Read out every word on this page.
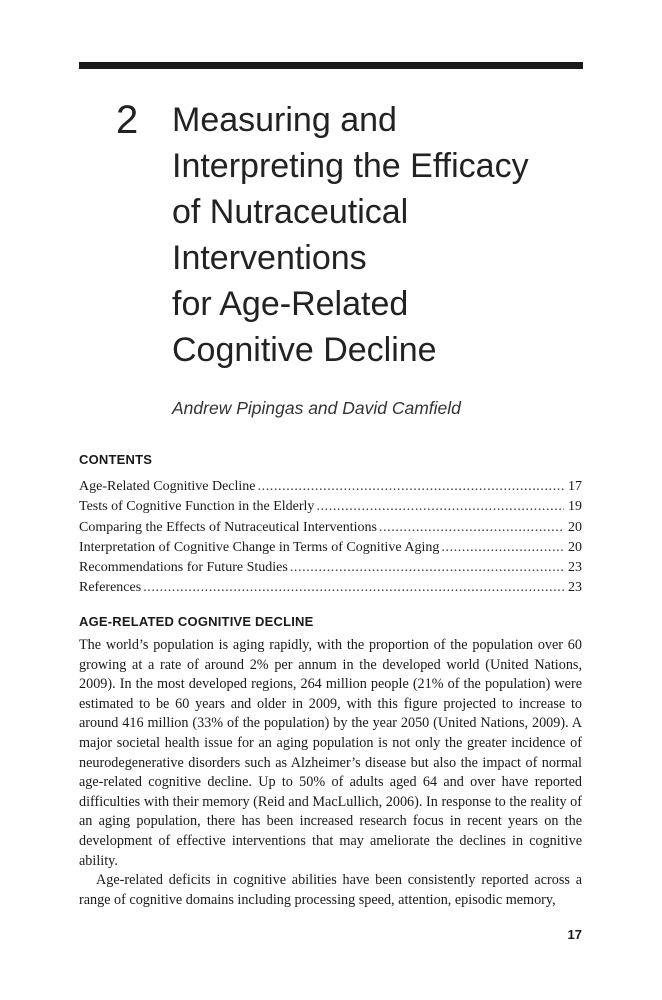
2 Measuring and
Interpreting the Efficacy
of Nutraceutical
Interventions
for Age-Related
Cognitive Decline
Andrew Pipingas and David Camfield
CONTENTS
Age-Related Cognitive Decline .....	17
Tests of Cognitive Function in the Elderly .....	19
Comparing the Effects of Nutraceutical Interventions .....	20
Interpretation of Cognitive Change in Terms of Cognitive Aging .....	20
Recommendations for Future Studies .....	23
References .....	23
AGE-RELATED COGNITIVE DECLINE

The world’s population is aging rapidly, with the proportion of the population over 60 growing at a rate of around 2% per annum in the developed world (United Nations, 2009). In the most developed regions, 264 million people (21% of the population) were estimated to be 60 years and older in 2009, with this figure projected to increase to around 416 million (33% of the population) by the year 2050 (United Nations, 2009). A major societal health issue for an aging population is not only the greater incidence of neurodegenerative disorders such as Alzheimer’s disease but also the impact of normal age-related cognitive decline. Up to 50% of adults aged 64 and over have reported difficulties with their memory (Reid and MacLullich, 2006). In response to the reality of an aging population, there has been increased research focus in recent years on the development of effective interventions that may ameliorate the declines in cognitive ability.

Age-related deficits in cognitive abilities have been consistently reported across a range of cognitive domains including processing speed, attention, episodic memory,

17
